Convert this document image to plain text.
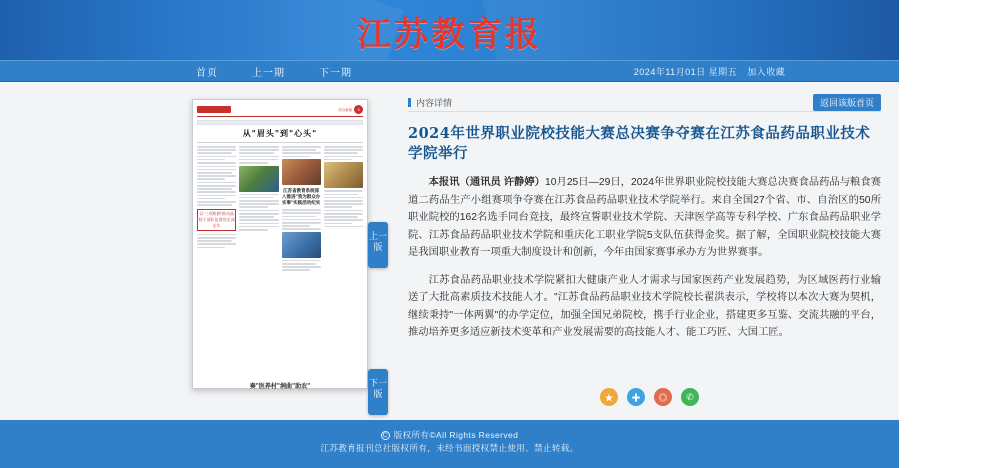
江苏教育报
首页	上一期	下一期	2024年11月01日 星期五 加入收藏
综合新闻	3
从"眉头"到"心头"
以"三项机制"推动高校干部队伍建设走深走实
江苏省教育系统深入推进"我为群众办实事"实践活动纪实
奏"医养村"润曲"助农"
上一版
下一版
内容详情	返回该版首页
2024年世界职业院校技能大赛总决赛争夺赛在江苏食品药品职业技术学院举行

本报讯（通讯员 许静婷）10月25日—29日，2024年世界职业院校技能大赛总决赛食品药品与粮食赛道二药品生产小组赛项争夺赛在江苏食品药品职业技术学院举行。来自全国27个省、市、自治区的50所职业院校的162名选手同台竞技，最终宣誓职业技术学院、天津医学高等专科学校、广东食品药品职业学院、江苏食品药品职业技术学院和重庆化工职业学院5支队伍获得金奖。据了解，全国职业院校技能大赛是我国职业教育一项重大制度设计和创新，今年由国家赛事承办方为世界赛事。

江苏食品药品职业技术学院紧扣大健康产业人才需求与国家医药产业发展趋势，为区域医药行业输送了大批高素质技术技能人才。"江苏食品药品职业技术学院校长翟洪表示，学校将以本次大赛为契机，继续秉持"一体两翼"的办学定位，加强全国兄弟院校，携手行业企业，搭建更多互鉴、交流共融的平台，推动培养更多适应新技术变革和产业发展需要的高技能人才、能工巧匠、大国工匠。

★	✚	◎	✆
C 版权所有©All Rights Reserved
江苏教育报刊总社版权所有，未经书面授权禁止使用、禁止转载。
